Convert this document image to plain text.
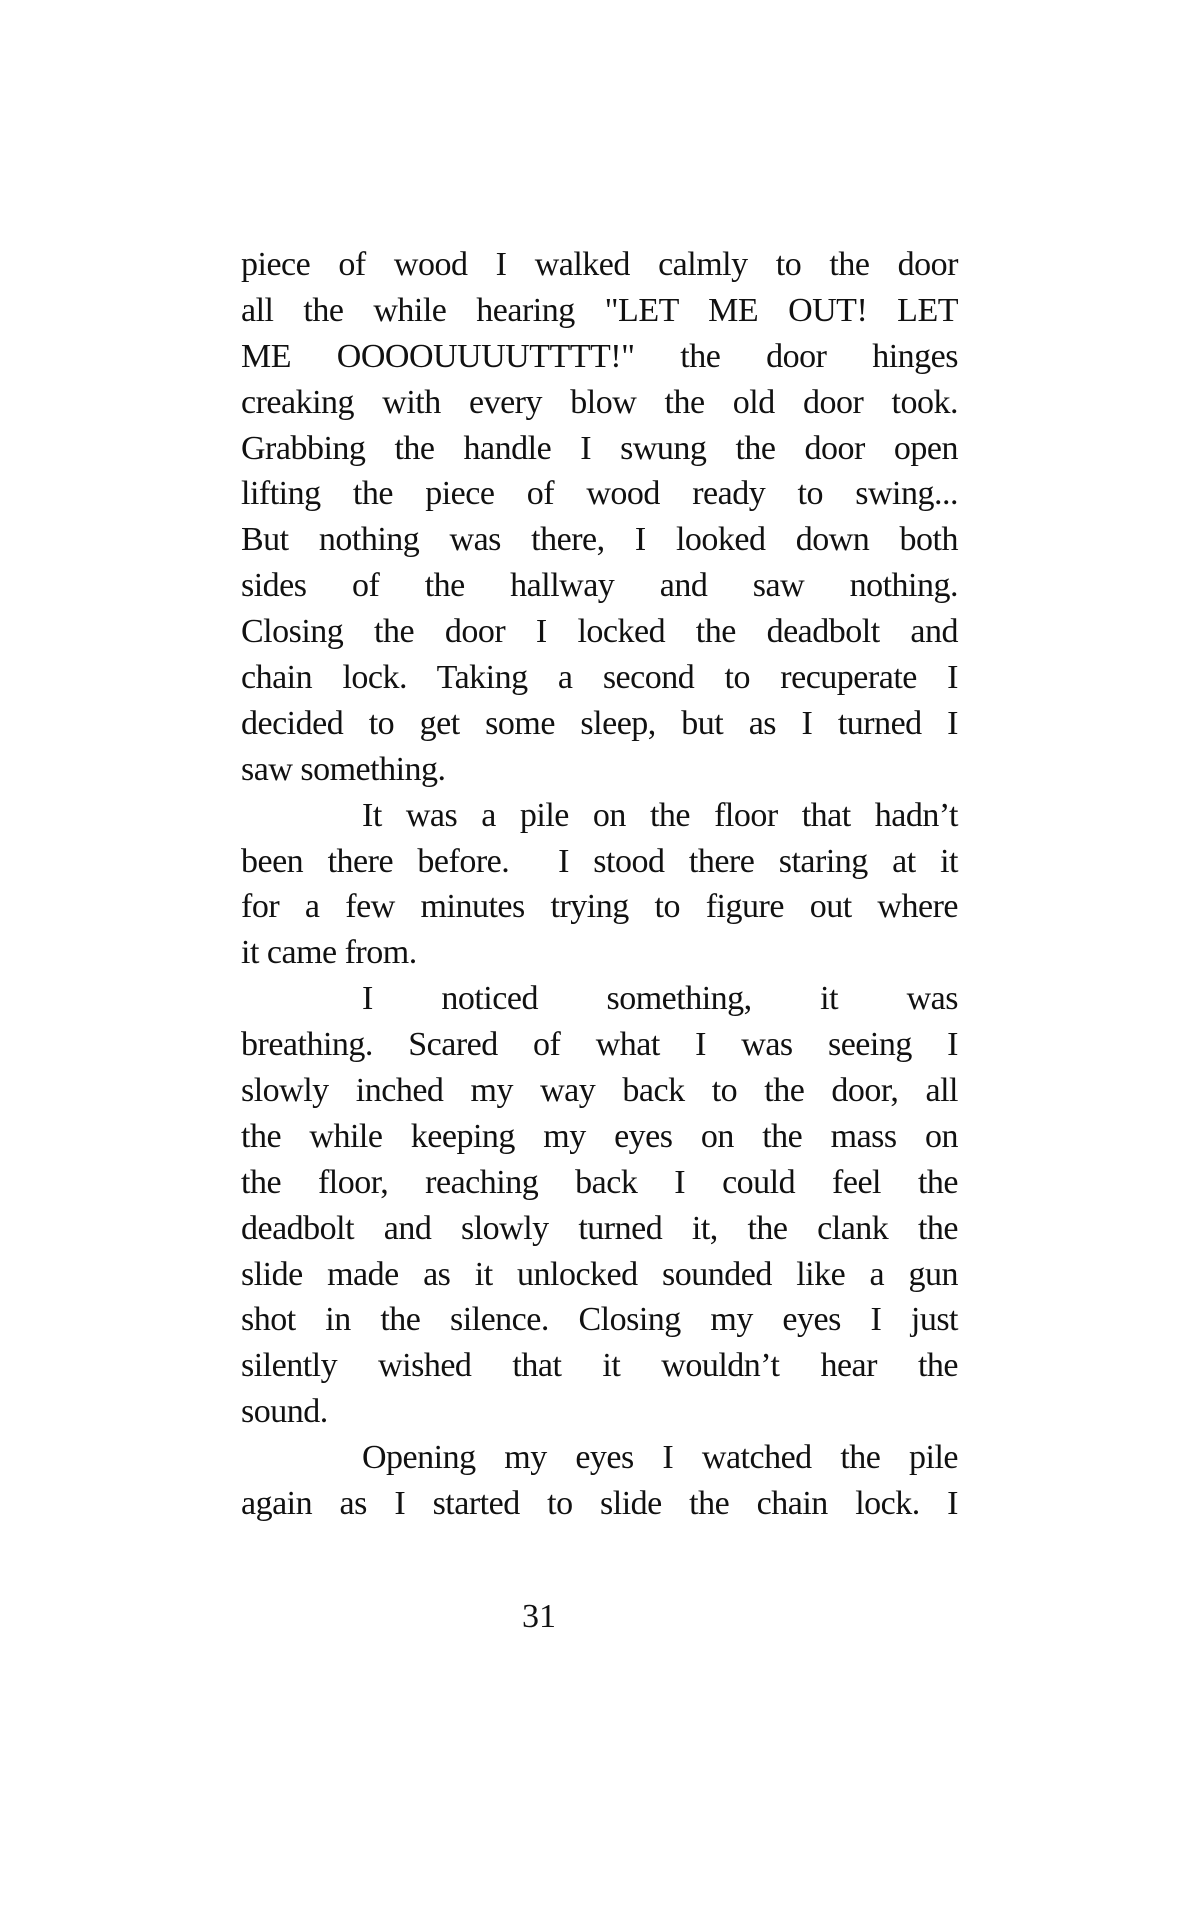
piece of wood I walked calmly to the door
all the while hearing "LET ME OUT! LET
ME OOOOUUUUTTTT!" the door hinges
creaking with every blow the old door took.
Grabbing the handle I swung the door open
lifting the piece of wood ready to swing...
But nothing was there, I looked down both
sides of the hallway and saw nothing.
Closing the door I locked the deadbolt and
chain lock. Taking a second to recuperate I
decided to get some sleep, but as I turned I
saw something.
It was a pile on the floor that hadn’t
been there before.  I stood there staring at it
for a few minutes trying to figure out where
it came from.
I noticed something, it was
breathing. Scared of what I was seeing I
slowly inched my way back to the door, all
the while keeping my eyes on the mass on
the floor, reaching back I could feel the
deadbolt and slowly turned it, the clank the
slide made as it unlocked sounded like a gun
shot in the silence. Closing my eyes I just
silently wished that it wouldn’t hear the
sound.
Opening my eyes I watched the pile
again as I started to slide the chain lock. I
31
